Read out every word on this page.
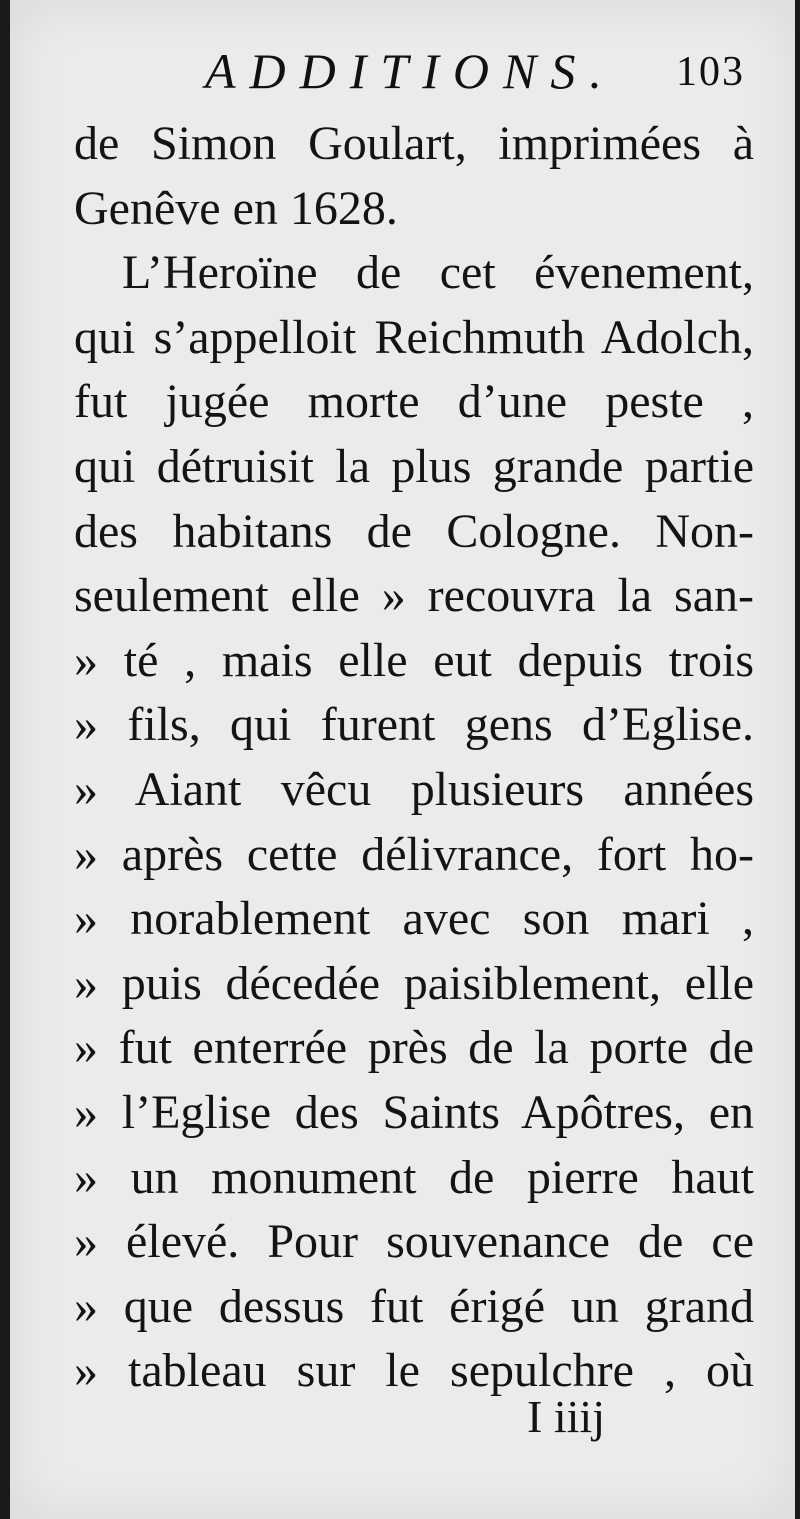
ADDITIONS. 103
de Simon Goulart, imprimées à
Genêve en 1628.
L’Heroïne de cet évenement,
qui s’appelloit Reichmuth Adolch,
fut jugée morte d’une peste ,
qui détruisit la plus grande partie
des habitans de Cologne. Non-
seulement elle » recouvra la san-
» té , mais elle eut depuis trois
» fils, qui furent gens d’Eglise.
» Aiant vêcu plusieurs années
» après cette délivrance, fort ho-
» norablement avec son mari ,
» puis décedée paisiblement, elle
» fut enterrée près de la porte de
» l’Eglise des Saints Apôtres, en
» un monument de pierre haut
» élevé. Pour souvenance de ce
» que dessus fut érigé un grand
» tableau sur le sepulchre , où
I iiij
